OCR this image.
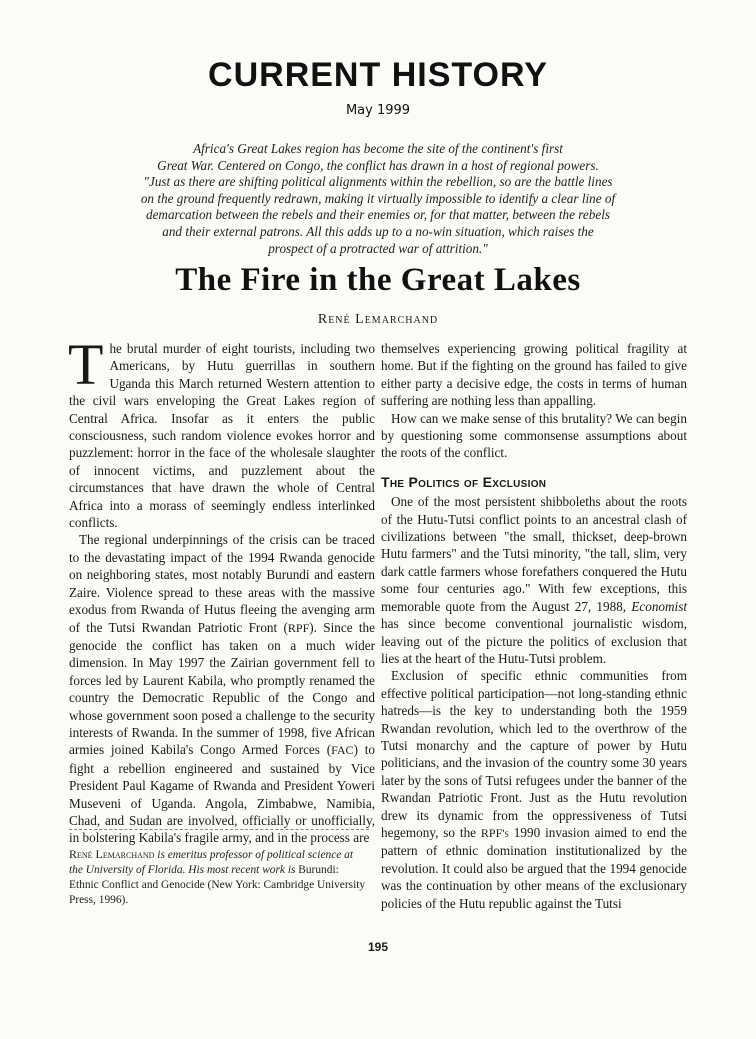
CURRENT HISTORY
May 1999
Africa's Great Lakes region has become the site of the continent's first
Great War. Centered on Congo, the conflict has drawn in a host of regional powers.
"Just as there are shifting political alignments within the rebellion, so are the battle lines
on the ground frequently redrawn, making it virtually impossible to identify a clear line of
demarcation between the rebels and their enemies or, for that matter, between the rebels
and their external patrons. All this adds up to a no-win situation, which raises the
prospect of a protracted war of attrition."
The Fire in the Great Lakes
René Lemarchand

The brutal murder of eight tourists, including two Americans, by Hutu guerrillas in southern Uganda this March returned Western attention to the civil wars enveloping the Great Lakes region of Central Africa. Insofar as it enters the public consciousness, such random violence evokes horror and puzzlement: horror in the face of the wholesale slaughter of innocent victims, and puzzlement about the circumstances that have drawn the whole of Central Africa into a morass of seemingly endless interlinked conflicts.

The regional underpinnings of the crisis can be traced to the devastating impact of the 1994 Rwanda genocide on neighboring states, most notably Burundi and eastern Zaire. Violence spread to these areas with the massive exodus from Rwanda of Hutus fleeing the avenging arm of the Tutsi Rwandan Patriotic Front (RPF). Since the genocide the conflict has taken on a much wider dimension. In May 1997 the Zairian government fell to forces led by Laurent Kabila, who promptly renamed the country the Democratic Republic of the Congo and whose government soon posed a challenge to the security interests of Rwanda. In the summer of 1998, five African armies joined Kabila's Congo Armed Forces (FAC) to fight a rebellion engineered and sustained by Vice President Paul Kagame of Rwanda and President Yoweri Museveni of Uganda. Angola, Zimbabwe, Namibia, Chad, and Sudan are involved, officially or unofficially, in bolstering Kabila's fragile army, and in the process are

themselves experiencing growing political fragility at home. But if the fighting on the ground has failed to give either party a decisive edge, the costs in terms of human suffering are nothing less than appalling.

How can we make sense of this brutality? We can begin by questioning some commonsense assumptions about the roots of the conflict.

The Politics of Exclusion

One of the most persistent shibboleths about the roots of the Hutu-Tutsi conflict points to an ancestral clash of civilizations between "the small, thickset, deep-brown Hutu farmers" and the Tutsi minority, "the tall, slim, very dark cattle farmers whose forefathers conquered the Hutu some four centuries ago." With few exceptions, this memorable quote from the August 27, 1988, Economist has since become conventional journalistic wisdom, leaving out of the picture the politics of exclusion that lies at the heart of the Hutu-Tutsi problem.

Exclusion of specific ethnic communities from effective political participation—not long-standing ethnic hatreds—is the key to understanding both the 1959 Rwandan revolution, which led to the overthrow of the Tutsi monarchy and the capture of power by Hutu politicians, and the invasion of the country some 30 years later by the sons of Tutsi refugees under the banner of the Rwandan Patriotic Front. Just as the Hutu revolution drew its dynamic from the oppressiveness of Tutsi hegemony, so the RPF's 1990 invasion aimed to end the pattern of ethnic domination institutionalized by the revolution. It could also be argued that the 1994 genocide was the continuation by other means of the exclusionary policies of the Hutu republic against the Tutsi

René Lemarchand is emeritus professor of political science at the University of Florida. His most recent work is Burundi: Ethnic Conflict and Genocide (New York: Cambridge University Press, 1996).
195
